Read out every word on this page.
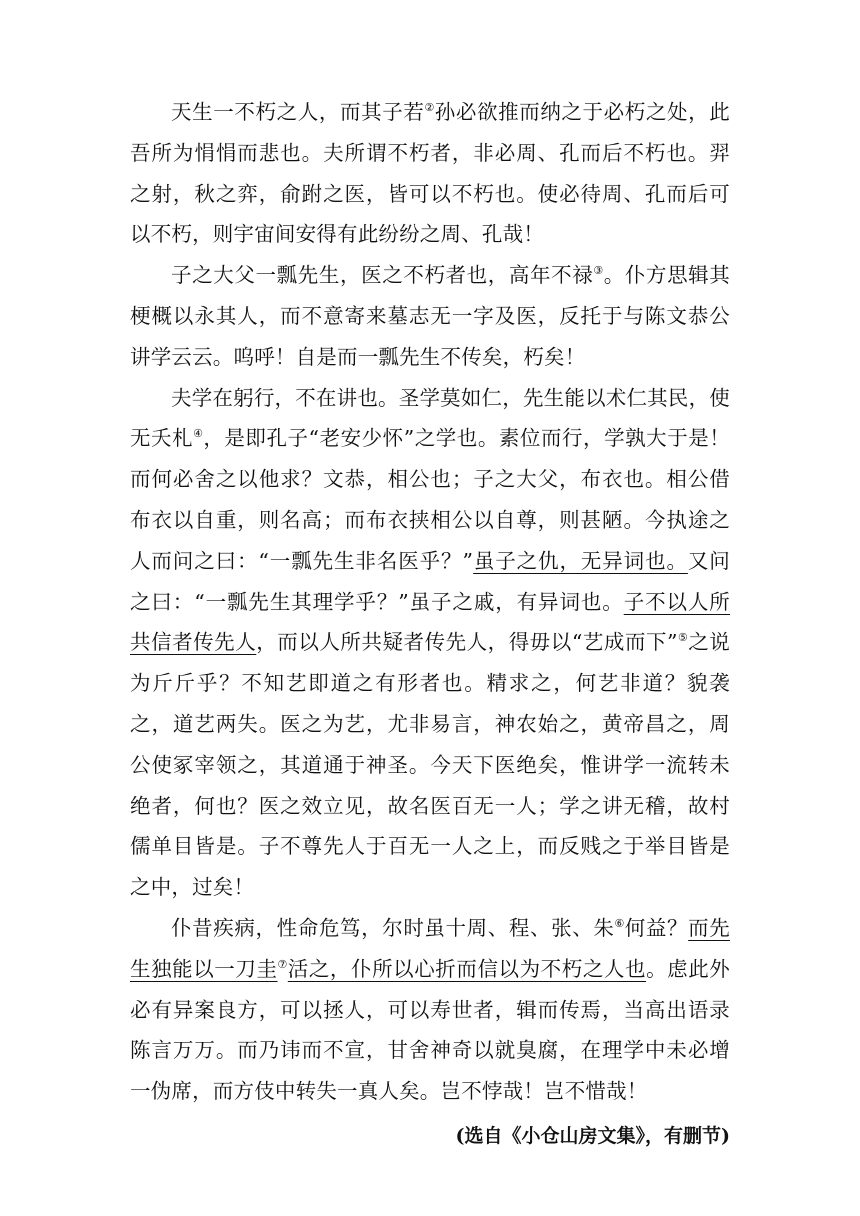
天生一不朽之人，而其子若②孙必欲推而纳之于必朽之处，此吾所为悁悁而悲也。夫所谓不朽者，非必周、孔而后不朽也。羿之射，秋之弈，俞跗之医，皆可以不朽也。使必待周、孔而后可以不朽，则宇宙间安得有此纷纷之周、孔哉！

子之大父一瓢先生，医之不朽者也，高年不禄③。仆方思辑其梗概以永其人，而不意寄来墓志无一字及医，反托于与陈文恭公讲学云云。呜呼！自是而一瓢先生不传矣，朽矣！

夫学在躬行，不在讲也。圣学莫如仁，先生能以术仁其民，使无夭札④，是即孔子“老安少怀”之学也。素位而行，学孰大于是！而何必舍之以他求？文恭，相公也；子之大父，布衣也。相公借布衣以自重，则名高；而布衣挟相公以自尊，则甚陋。今执途之人而问之曰：“一瓢先生非名医乎？”虽子之仇，无异词也。又问之曰：“一瓢先生其理学乎？”虽子之戚，有异词也。子不以人所共信者传先人，而以人所共疑者传先人，得毋以“艺成而下”⑤之说为斤斤乎？不知艺即道之有形者也。精求之，何艺非道？貌袭之，道艺两失。医之为艺，尤非易言，神农始之，黄帝昌之，周公使冢宰领之，其道通于神圣。今天下医绝矣，惟讲学一流转未绝者，何也？医之效立见，故名医百无一人；学之讲无稽，故村儒单目皆是。子不尊先人于百无一人之上，而反贱之于举目皆是之中，过矣！

仆昔疾病，性命危笃，尔时虽十周、程、张、朱⑥何益？而先生独能以一刀圭⑦活之，仆所以心折而信以为不朽之人也。虑此外必有异案良方，可以拯人，可以寿世者，辑而传焉，当高出语录陈言万万。而乃讳而不宣，甘舍神奇以就臭腐，在理学中未必增一伪席，而方伎中转失一真人矣。岂不悖哉！岂不惜哉！

(选自《小仓山房文集》，有删节)
